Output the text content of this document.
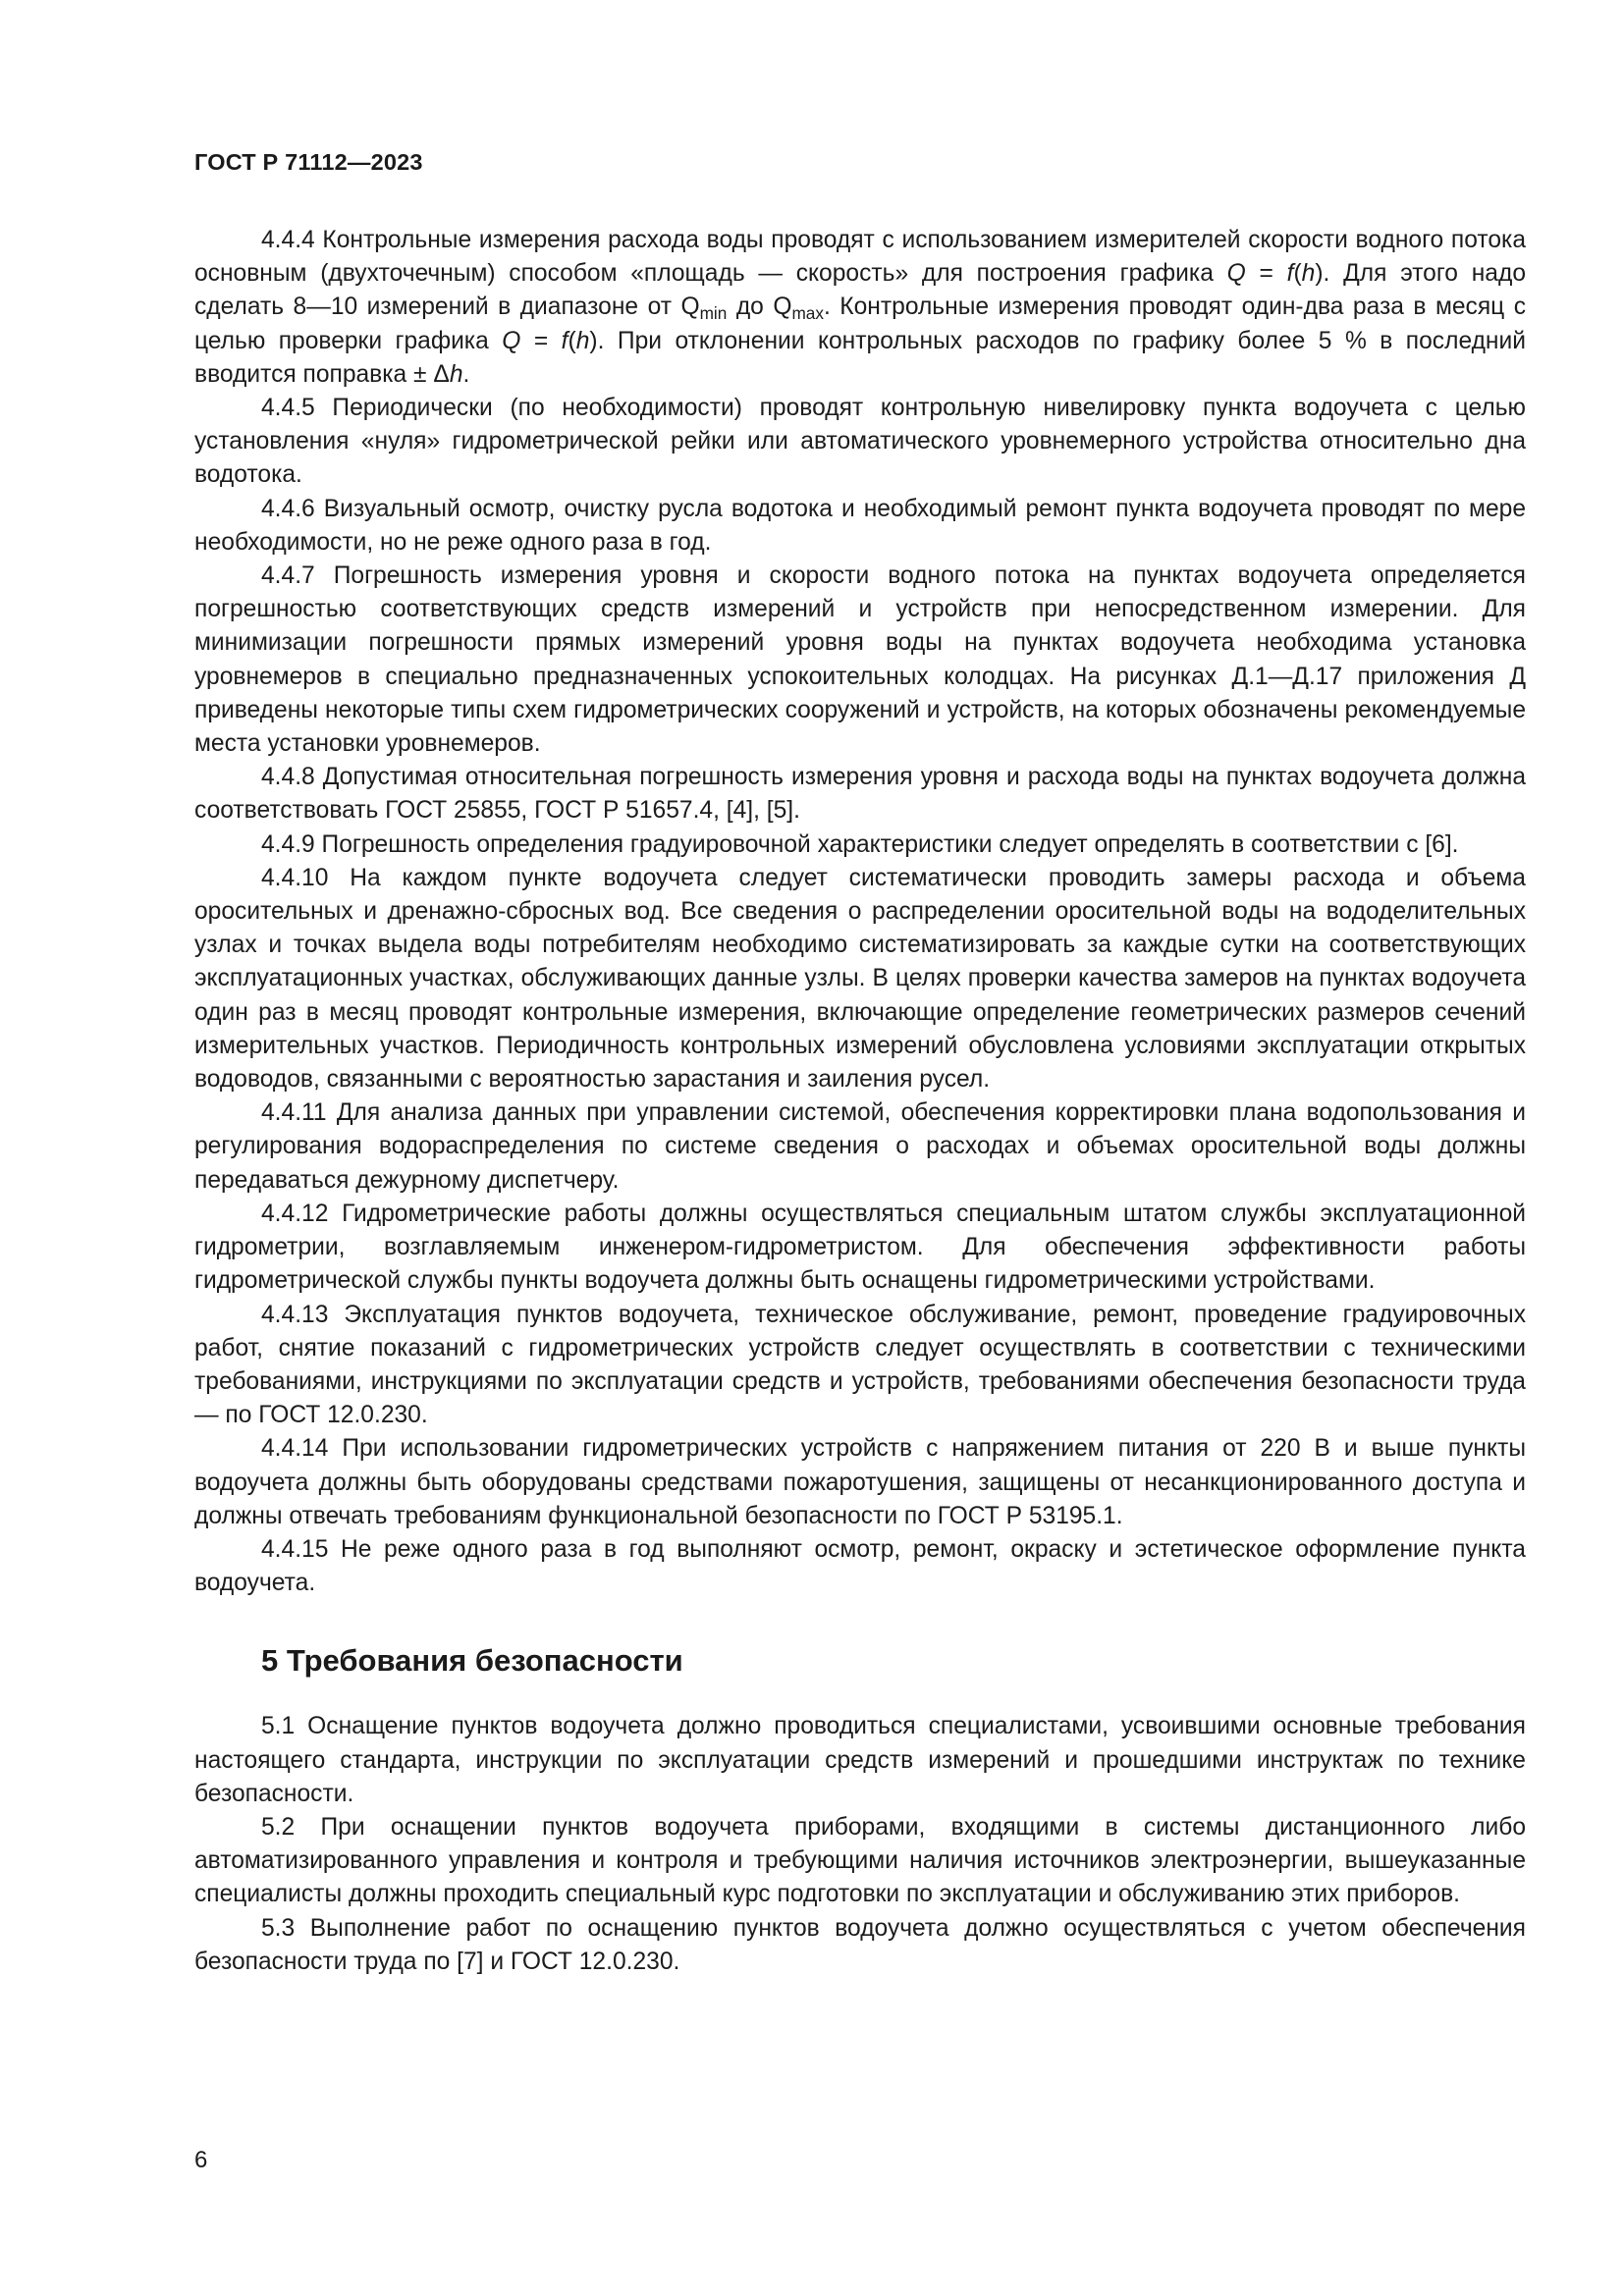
ГОСТ Р 71112—2023

4.4.4 Контрольные измерения расхода воды проводят с использованием измерителей скорости водного потока основным (двухточечным) способом «площадь — скорость» для построения графика Q = f(h). Для этого надо сделать 8—10 измерений в диапазоне от $Q_{min}$ до $Q_{max}$. Контрольные измерения проводят один-два раза в месяц с целью проверки графика Q = f(h). При отклонении контрольных расходов по графику более 5 % в последний вводится поправка ± Δh.

4.4.5 Периодически (по необходимости) проводят контрольную нивелировку пункта водоучета с целью установления «нуля» гидрометрической рейки или автоматического уровнемерного устройства относительно дна водотока.

4.4.6 Визуальный осмотр, очистку русла водотока и необходимый ремонт пункта водоучета проводят по мере необходимости, но не реже одного раза в год.

4.4.7 Погрешность измерения уровня и скорости водного потока на пунктах водоучета определяется погрешностью соответствующих средств измерений и устройств при непосредственном измерении. Для минимизации погрешности прямых измерений уровня воды на пунктах водоучета необходима установка уровнемеров в специально предназначенных успокоительных колодцах. На рисунках Д.1—Д.17 приложения Д приведены некоторые типы схем гидрометрических сооружений и устройств, на которых обозначены рекомендуемые места установки уровнемеров.

4.4.8 Допустимая относительная погрешность измерения уровня и расхода воды на пунктах водоучета должна соответствовать ГОСТ 25855, ГОСТ Р 51657.4, [4], [5].

4.4.9 Погрешность определения градуировочной характеристики следует определять в соответствии с [6].

4.4.10 На каждом пункте водоучета следует систематически проводить замеры расхода и объема оросительных и дренажно-сбросных вод. Все сведения о распределении оросительной воды на вододелительных узлах и точках выдела воды потребителям необходимо систематизировать за каждые сутки на соответствующих эксплуатационных участках, обслуживающих данные узлы. В целях проверки качества замеров на пунктах водоучета один раз в месяц проводят контрольные измерения, включающие определение геометрических размеров сечений измерительных участков. Периодичность контрольных измерений обусловлена условиями эксплуатации открытых водоводов, связанными с вероятностью зарастания и заиления русел.

4.4.11 Для анализа данных при управлении системой, обеспечения корректировки плана водопользования и регулирования водораспределения по системе сведения о расходах и объемах оросительной воды должны передаваться дежурному диспетчеру.

4.4.12 Гидрометрические работы должны осуществляться специальным штатом службы эксплуатационной гидрометрии, возглавляемым инженером-гидрометристом. Для обеспечения эффективности работы гидрометрической службы пункты водоучета должны быть оснащены гидрометрическими устройствами.

4.4.13 Эксплуатация пунктов водоучета, техническое обслуживание, ремонт, проведение градуировочных работ, снятие показаний с гидрометрических устройств следует осуществлять в соответствии с техническими требованиями, инструкциями по эксплуатации средств и устройств, требованиями обеспечения безопасности труда — по ГОСТ 12.0.230.

4.4.14 При использовании гидрометрических устройств с напряжением питания от 220 В и выше пункты водоучета должны быть оборудованы средствами пожаротушения, защищены от несанкционированного доступа и должны отвечать требованиям функциональной безопасности по ГОСТ Р 53195.1.

4.4.15 Не реже одного раза в год выполняют осмотр, ремонт, окраску и эстетическое оформление пункта водоучета.

5 Требования безопасности

5.1 Оснащение пунктов водоучета должно проводиться специалистами, усвоившими основные требования настоящего стандарта, инструкции по эксплуатации средств измерений и прошедшими инструктаж по технике безопасности.

5.2 При оснащении пунктов водоучета приборами, входящими в системы дистанционного либо автоматизированного управления и контроля и требующими наличия источников электроэнергии, вышеуказанные специалисты должны проходить специальный курс подготовки по эксплуатации и обслуживанию этих приборов.

5.3 Выполнение работ по оснащению пунктов водоучета должно осуществляться с учетом обеспечения безопасности труда по [7] и ГОСТ 12.0.230.

6
